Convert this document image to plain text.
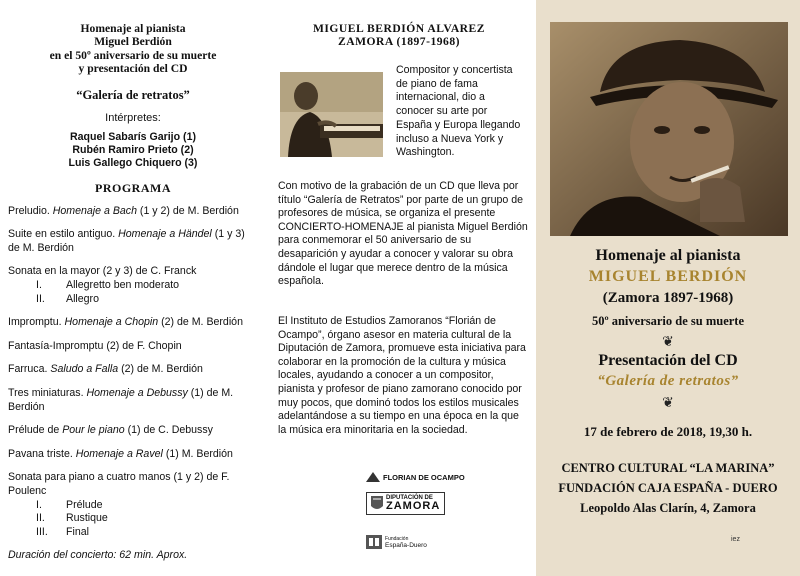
Homenaje al pianista
Miguel Berdión
en el 50º aniversario de su muerte
y presentación del CD
“Galería de retratos”
Intérpretes:
Raquel Sabarís Garijo (1)
Rubén Ramiro Prieto (2)
Luis Gallego Chiquero (3)
PROGRAMA
Preludio. Homenaje a Bach (1 y 2) de M. Berdión
Suite en estilo antiguo. Homenaje a Händel (1 y 3) de M. Berdión
Sonata en la mayor (2 y 3) de C. Franck
I.	Allegretto ben moderato
II.	Allegro
Impromptu. Homenaje a Chopin (2) de M. Berdión
Fantasía-Impromptu (2) de F. Chopin
Farruca. Saludo a Falla (2) de M. Berdión
Tres miniaturas. Homenaje a Debussy (1) de M. Berdión
Prélude de Pour le piano (1) de C. Debussy
Pavana triste. Homenaje a Ravel (1) M. Berdión
Sonata para piano a cuatro manos (1 y 2) de F. Poulenc
I.	Prélude
II.	Rustique
III.	Final
Duración del concierto: 62 min. Aprox.
MIGUEL BERDIÓN ALVAREZ
ZAMORA (1897-1968)
Compositor y concertista de piano de fama internacional, dio a conocer su arte por España y Europa llegando incluso a Nueva York y Washington.
Con motivo de la grabación de un CD que lleva por título “Galería de Retratos” por parte de un grupo de profesores de música, se organiza el presente CONCIERTO-HOMENAJE al pianista Miguel Berdión para conmemorar el 50 aniversario de su desaparición y ayudar a conocer y valorar su obra dándole el lugar que merece dentro de la música española.
El Instituto de Estudios Zamoranos “Florián de Ocampo”, órgano asesor en materia cultural de la Diputación de Zamora, promueve esta iniciativa para colaborar en la promoción de la cultura y música locales, ayudando a conocer a un compositor, pianista y profesor de piano zamorano conocido por muy pocos, que dominó todos los estilos musicales adelantándose a su tiempo en una época en la que la música era minoritaria en la sociedad.
FLORIAN DE OCAMPO
DIPUTACIÓN DE
ZAMORA
Fundación
España-Duero
Homenaje al pianista
MIGUEL BERDIÓN
(Zamora 1897-1968)
50º aniversario de su muerte
❦
Presentación del CD
“Galería de retratos”
❦
17 de febrero de 2018, 19,30 h.
CENTRO CULTURAL “LA MARINA”
FUNDACIÓN CAJA ESPAÑA - DUERO
Leopoldo Alas Clarín, 4, Zamora
iez
